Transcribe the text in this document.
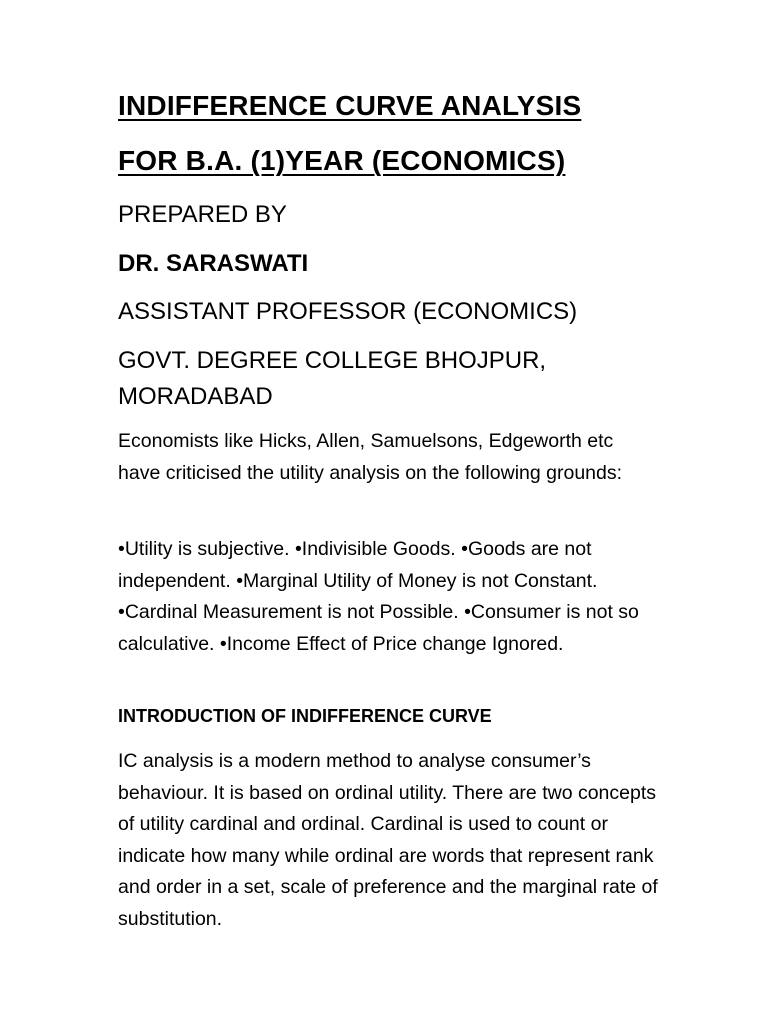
INDIFFERENCE CURVE ANALYSIS
FOR B.A. (1)YEAR (ECONOMICS)
PREPARED BY
DR. SARASWATI
ASSISTANT PROFESSOR (ECONOMICS)
GOVT. DEGREE COLLEGE BHOJPUR,
MORADABAD
Economists like Hicks, Allen, Samuelsons, Edgeworth etc have criticised the utility analysis on the following grounds:
•Utility is subjective. •Indivisible Goods. •Goods are not independent. •Marginal Utility of Money is not Constant. •Cardinal Measurement is not Possible. •Consumer is not so calculative. •Income Effect of Price change Ignored.
INTRODUCTION OF INDIFFERENCE CURVE
IC analysis is a modern method to analyse consumer’s behaviour. It is based on ordinal utility. There are two concepts of utility cardinal and ordinal. Cardinal is used to count or indicate how many while ordinal are words that represent rank and order in a set, scale of preference and the marginal rate of substitution.
